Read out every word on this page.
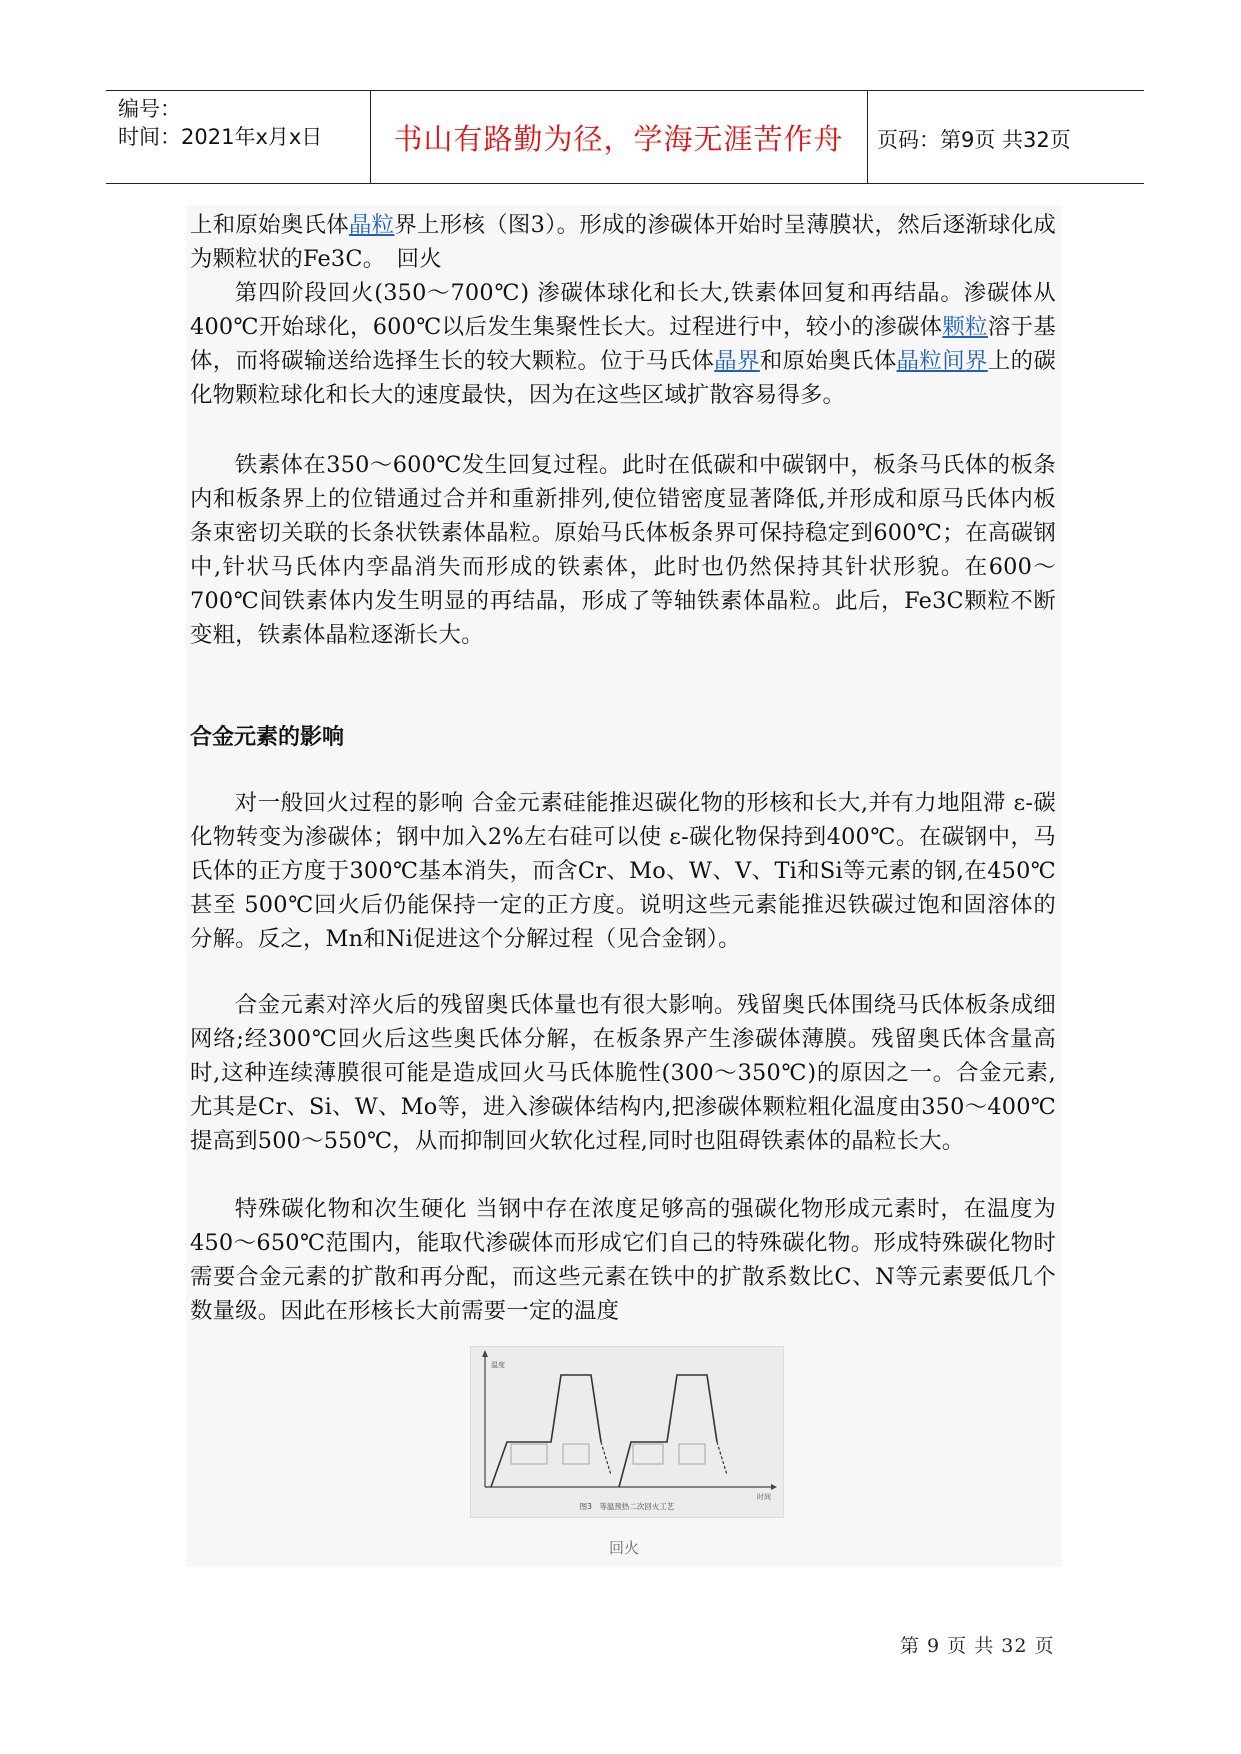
编号：
时间：2021年x月x日	书山有路勤为径，学海无涯苦作舟	页码：第9页 共32页

上和原始奥氏体晶粒界上形核（图3）。形成的渗碳体开始时呈薄膜状，然后逐渐球化成为颗粒状的Fe3C。　回火

第四阶段回火(350～700℃) 渗碳体球化和长大,铁素体回复和再结晶。渗碳体从400℃开始球化，600℃以后发生集聚性长大。过程进行中，较小的渗碳体颗粒溶于基体，而将碳输送给选择生长的较大颗粒。位于马氏体晶界和原始奥氏体晶粒间界上的碳化物颗粒球化和长大的速度最快，因为在这些区域扩散容易得多。

铁素体在350～600℃发生回复过程。此时在低碳和中碳钢中，板条马氏体的板条内和板条界上的位错通过合并和重新排列,使位错密度显著降低,并形成和原马氏体内板条束密切关联的长条状铁素体晶粒。原始马氏体板条界可保持稳定到600℃；在高碳钢中,针状马氏体内孪晶消失而形成的铁素体，此时也仍然保持其针状形貌。在600～700℃间铁素体内发生明显的再结晶，形成了等轴铁素体晶粒。此后，Fe3C颗粒不断变粗，铁素体晶粒逐渐长大。

合金元素的影响

对一般回火过程的影响 合金元素硅能推迟碳化物的形核和长大,并有力地阻滞 ε-碳化物转变为渗碳体；钢中加入2%左右硅可以使 ε-碳化物保持到400℃。在碳钢中，马氏体的正方度于300℃基本消失，而含Cr、Mo、W、V、Ti和Si等元素的钢,在450℃甚至 500℃回火后仍能保持一定的正方度。说明这些元素能推迟铁碳过饱和固溶体的分解。反之，Mn和Ni促进这个分解过程（见合金钢）。

合金元素对淬火后的残留奥氏体量也有很大影响。残留奥氏体围绕马氏体板条成细网络;经300℃回火后这些奥氏体分解，在板条界产生渗碳体薄膜。残留奥氏体含量高时,这种连续薄膜很可能是造成回火马氏体脆性(300～350℃)的原因之一。合金元素,尤其是Cr、Si、W、Mo等，进入渗碳体结构内,把渗碳体颗粒粗化温度由350～400℃提高到500～550℃，从而抑制回火软化过程,同时也阻碍铁素体的晶粒长大。

特殊碳化物和次生硬化 当钢中存在浓度足够高的强碳化物形成元素时，在温度为450～650℃范围内，能取代渗碳体而形成它们自己的特殊碳化物。形成特殊碳化物时需要合金元素的扩散和再分配，而这些元素在铁中的扩散系数比C、N等元素要低几个数量级。因此在形核长大前需要一定的温度

温度
时间
图3　等温预热二次回火工艺
回火
第 9 页 共 32 页
